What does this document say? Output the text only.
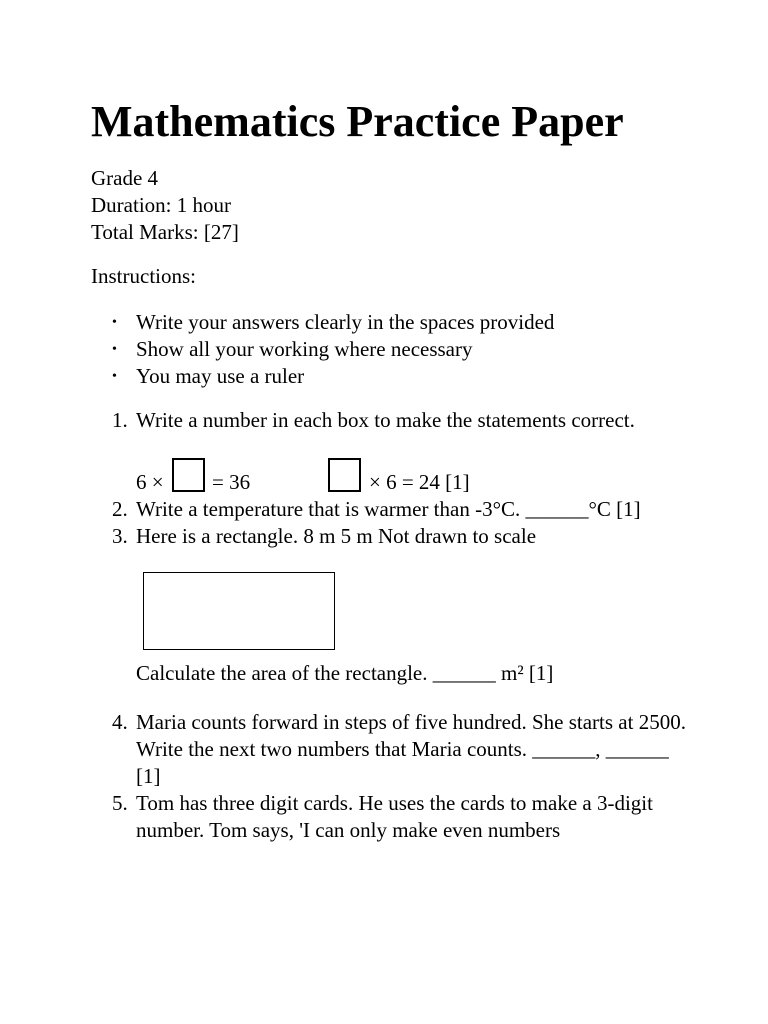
Mathematics Practice Paper
Grade 4
Duration: 1 hour
Total Marks: [27]
Instructions:
• Write your answers clearly in the spaces provided
• Show all your working where necessary
• You may use a ruler
1. Write a number in each box to make the statements correct.
6 × = 36	× 6 = 24 [1]
2. Write a temperature that is warmer than -3°C. ______°C [1]
3. Here is a rectangle. 8 m 5 m Not drawn to scale
Calculate the area of the rectangle. ______ m² [1]
4. Maria counts forward in steps of five hundred. She starts at 2500. Write the next two numbers that Maria counts. ______, ______ [1]
5. Tom has three digit cards. He uses the cards to make a 3-digit number. Tom says, 'I can only make even numbers
